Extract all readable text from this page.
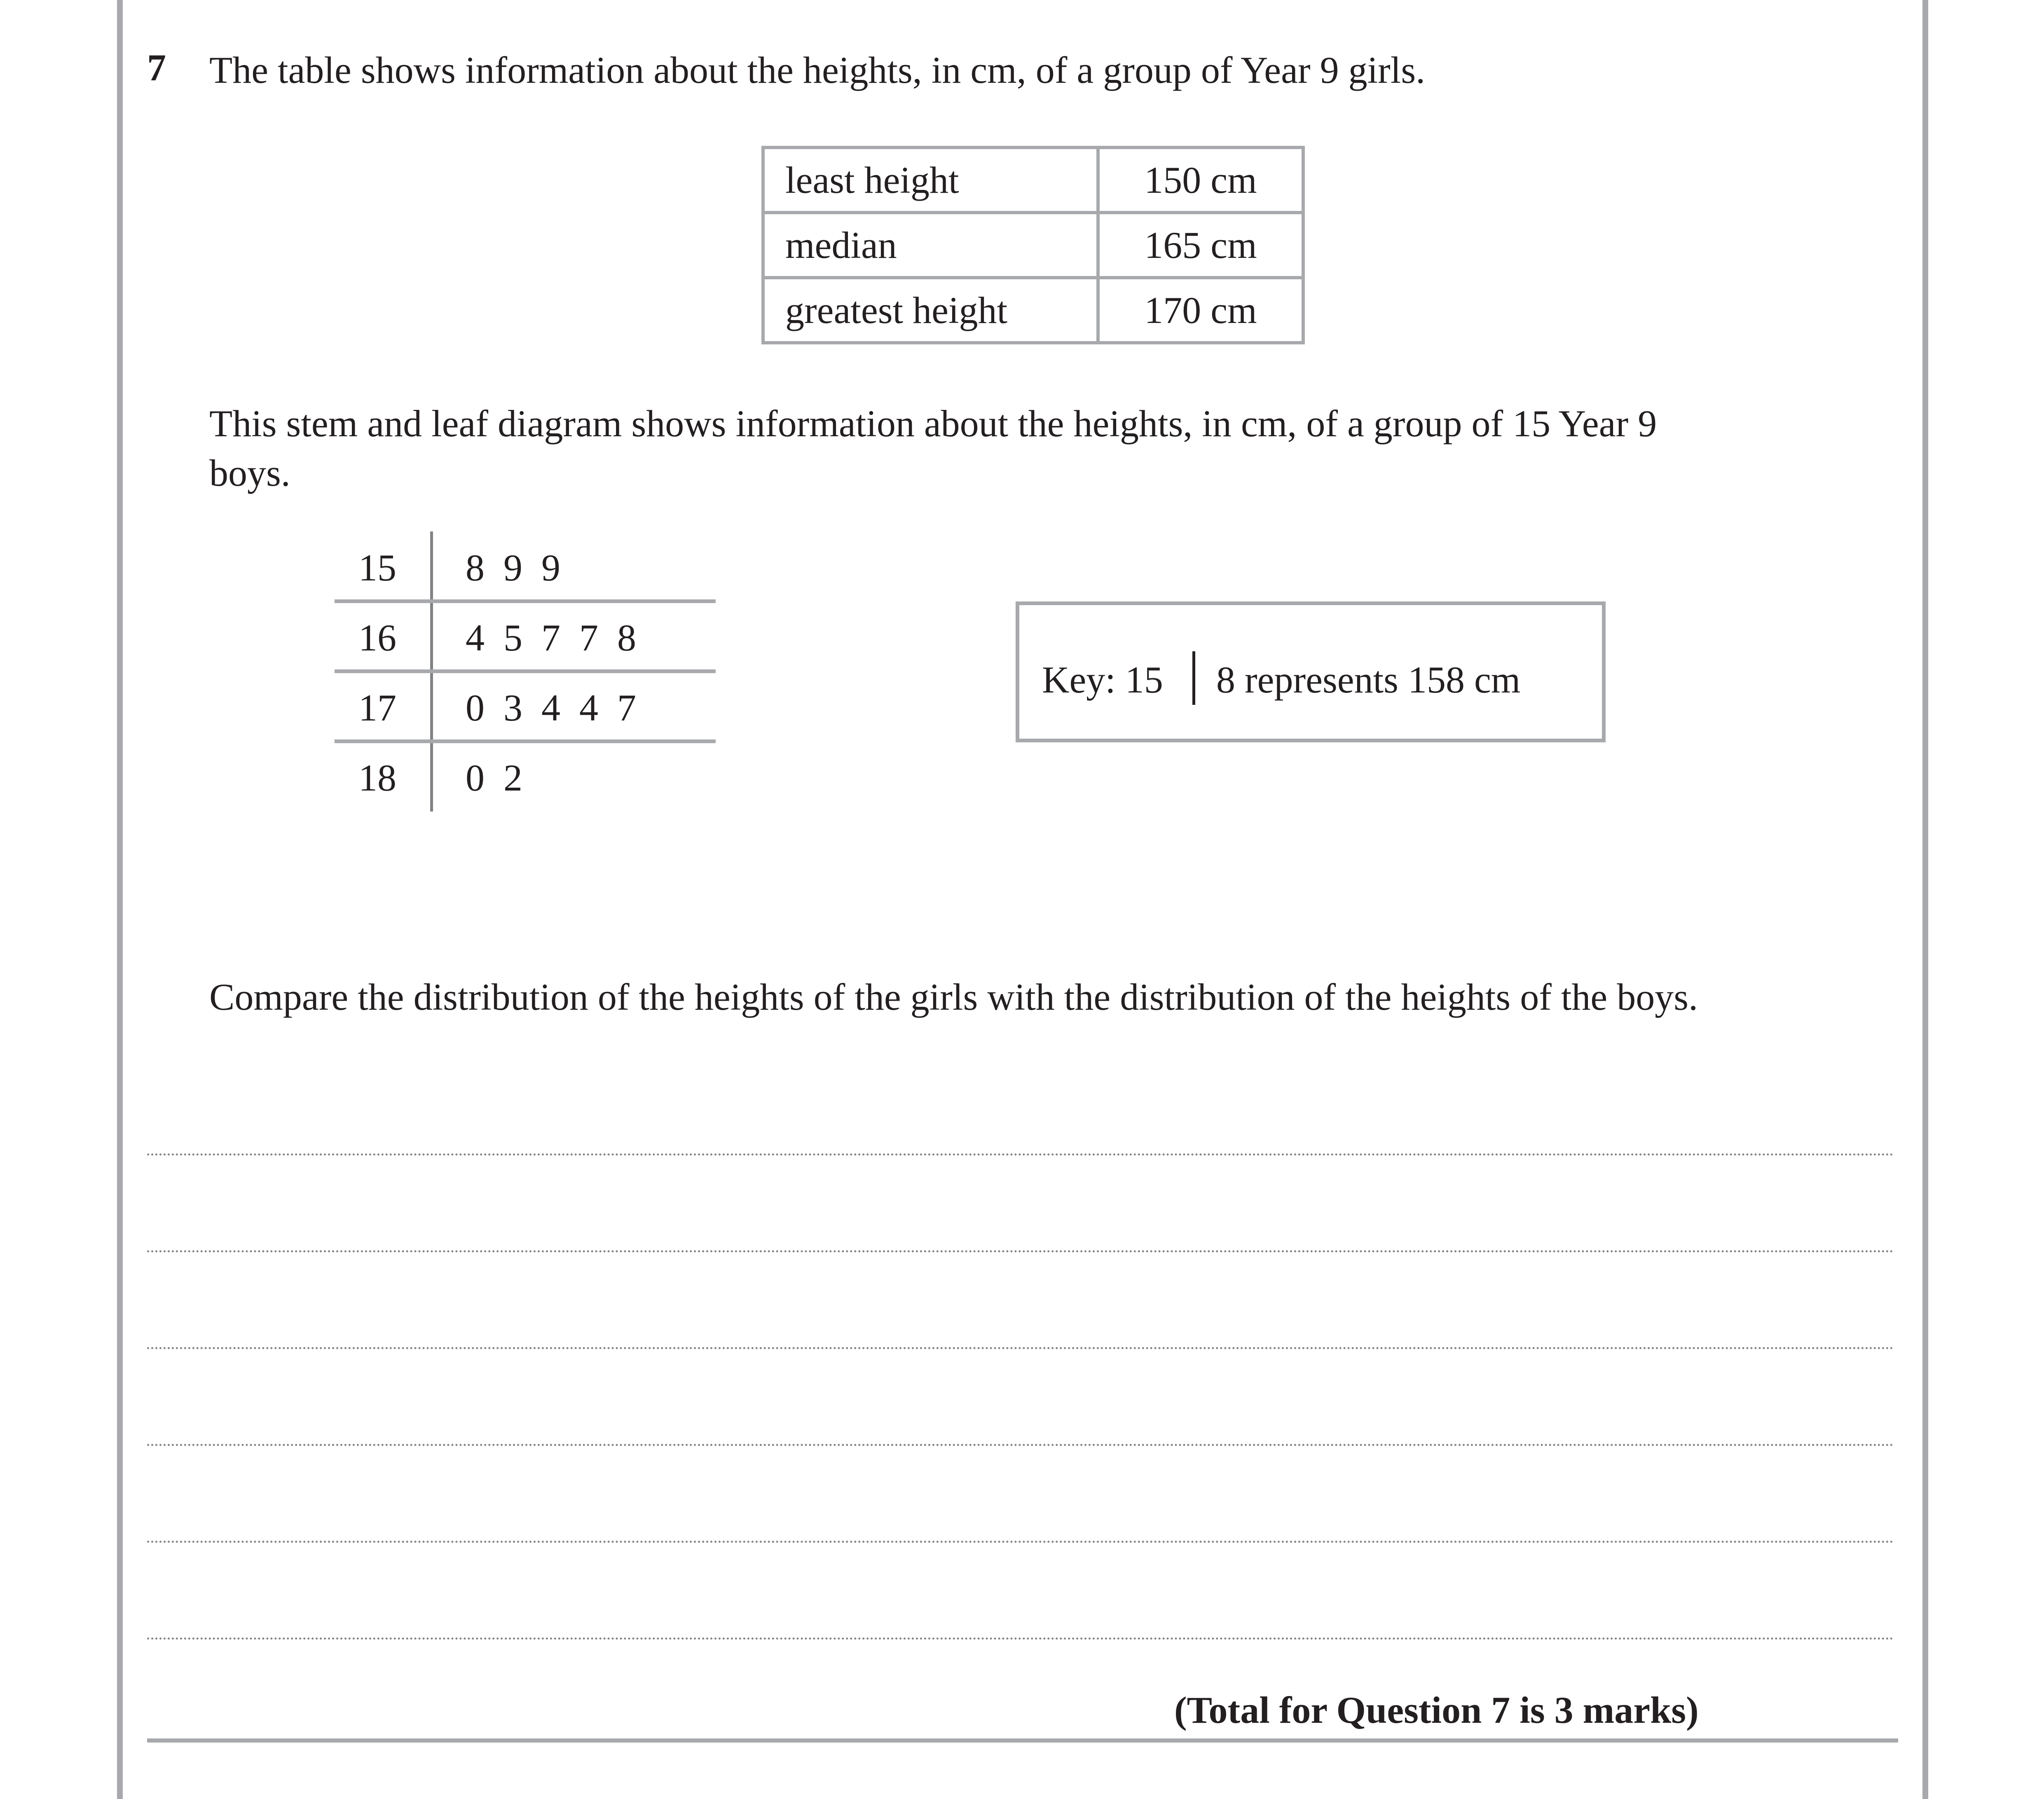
7 The table shows information about the heights, in cm, of a group of Year 9 girls.

least height	150 cm
median	165 cm
greatest height	170 cm

This stem and leaf diagram shows information about the heights, in cm, of a group of 15 Year 9 boys.

15 8  9  9
16 4  5  7  7  8
17 0  3  4  4  7
18 0  2
Key: 15 8 represents 158 cm

Compare the distribution of the heights of the girls with the distribution of the heights of the boys.

(Total for Question 7 is 3 marks)
